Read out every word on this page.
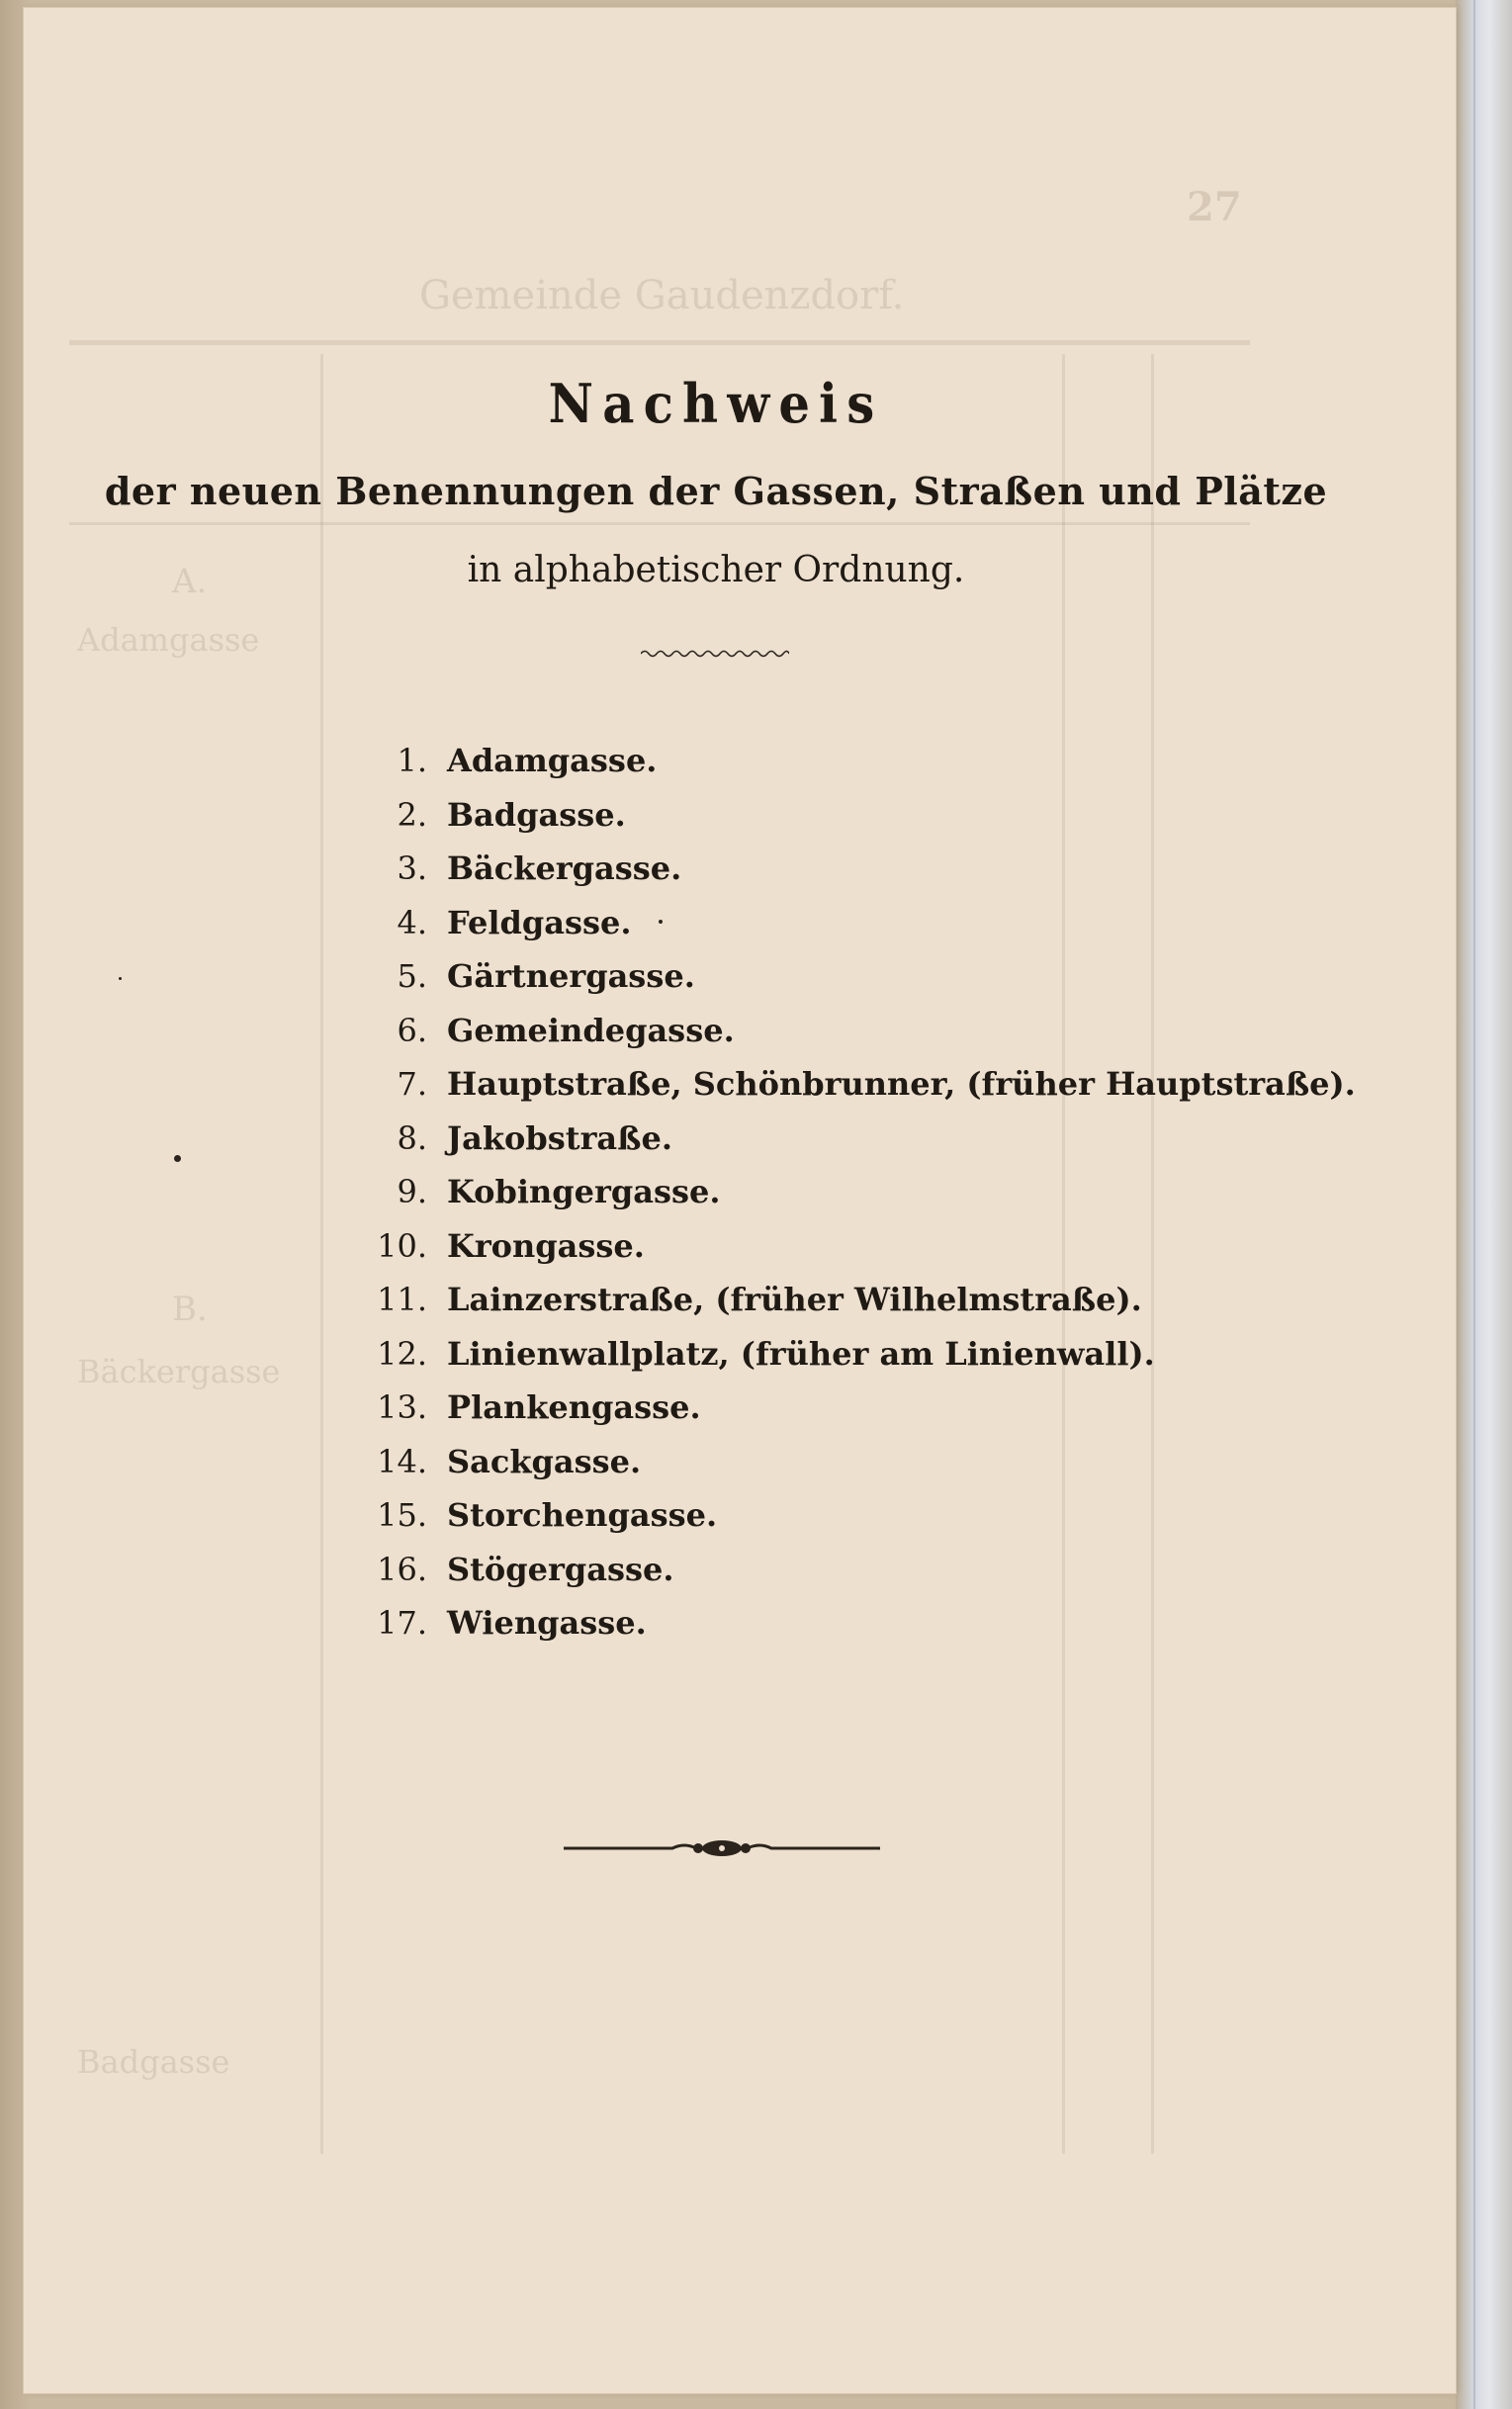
27
Gemeinde Gaudenzdorf.
Adamgasse
Bäckergasse
Badgasse
A.
B.
Nachweis
der neuen Benennungen der Gassen, Straßen und Plätze
in alphabetischer Ordnung.
1. Adamgasse.
2. Badgasse.
3. Bäckergasse.
4. Feldgasse.
5. Gärtnergasse.
6. Gemeindegasse.
7. Hauptstraße, Schönbrunner, (früher Hauptstraße).
8. Jakobstraße.
9. Kobingergasse.
10. Krongasse.
11. Lainzerstraße, (früher Wilhelmstraße).
12. Linienwallplatz, (früher am Linienwall).
13. Plankengasse.
14. Sackgasse.
15. Storchengasse.
16. Stögergasse.
17. Wiengasse.
